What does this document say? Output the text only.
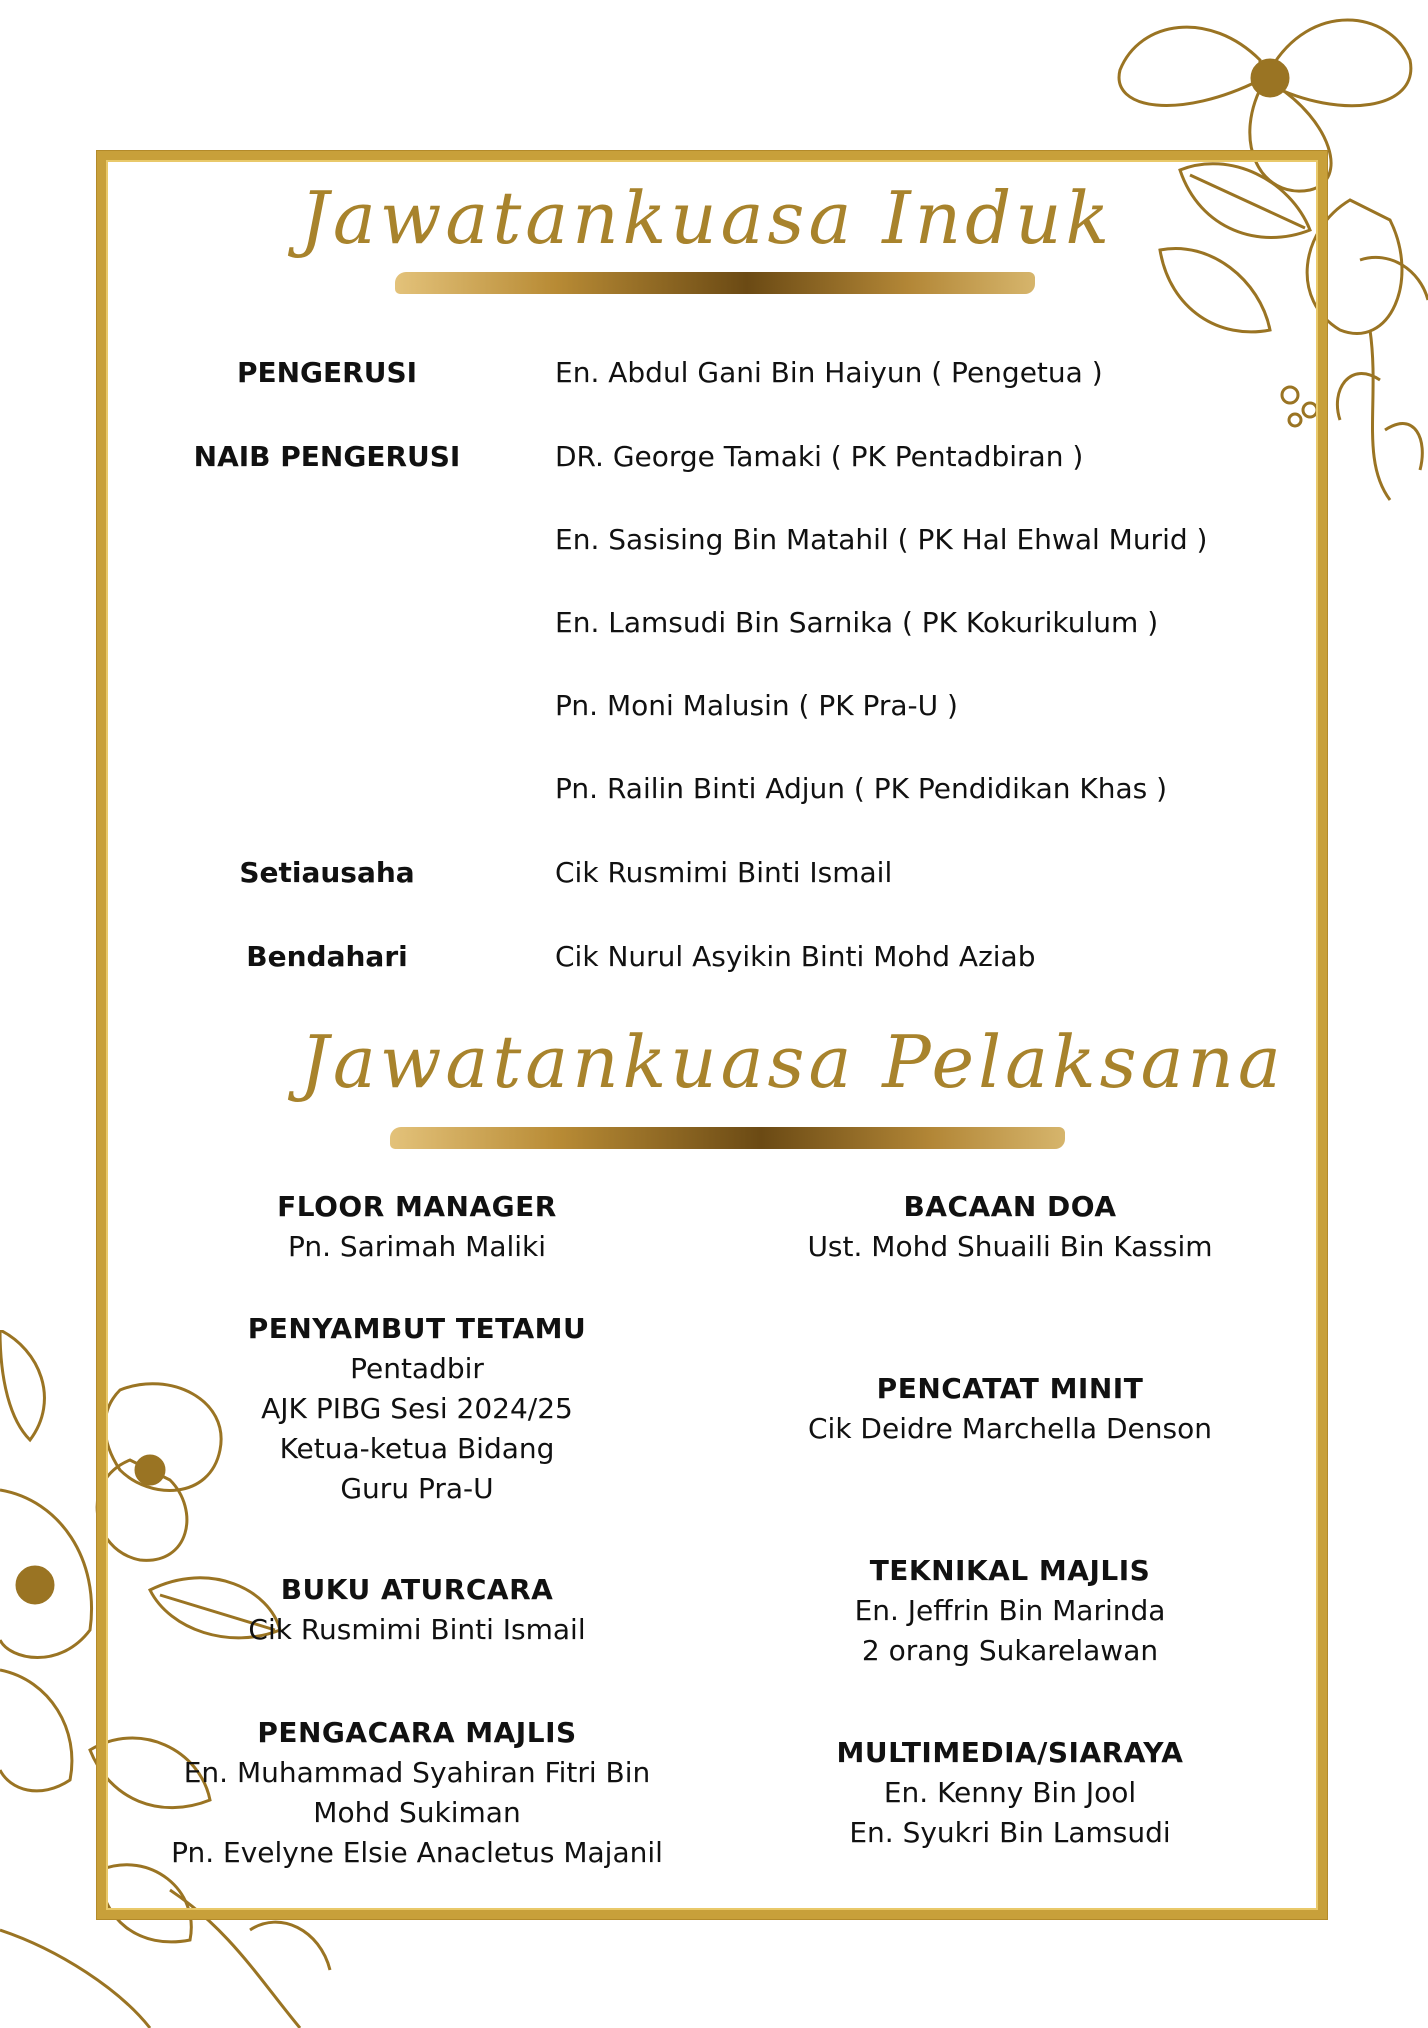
Jawatankuasa Induk
PENGERUSI	En. Abdul Gani Bin Haiyun ( Pengetua )
NAIB PENGERUSI	DR. George Tamaki ( PK Pentadbiran )
En. Sasising Bin Matahil ( PK Hal Ehwal Murid )
En. Lamsudi Bin Sarnika ( PK Kokurikulum )
Pn. Moni Malusin ( PK Pra-U )
Pn. Railin Binti Adjun ( PK Pendidikan Khas )
Setiausaha	Cik Rusmimi Binti Ismail
Bendahari	Cik Nurul Asyikin Binti Mohd Aziab
Jawatankuasa Pelaksana
FLOOR MANAGER
Pn. Sarimah Maliki
PENYAMBUT TETAMU
Pentadbir
AJK PIBG Sesi 2024/25
Ketua-ketua Bidang
Guru Pra-U
BUKU ATURCARA
Cik Rusmimi Binti Ismail
PENGACARA MAJLIS
En. Muhammad Syahiran Fitri Bin
Mohd Sukiman
Pn. Evelyne Elsie Anacletus Majanil
BACAAN DOA
Ust. Mohd Shuaili Bin Kassim
PENCATAT MINIT
Cik Deidre Marchella Denson
TEKNIKAL MAJLIS
En. Jeffrin Bin Marinda
2 orang Sukarelawan
MULTIMEDIA/SIARAYA
En. Kenny Bin Jool
En. Syukri Bin Lamsudi
